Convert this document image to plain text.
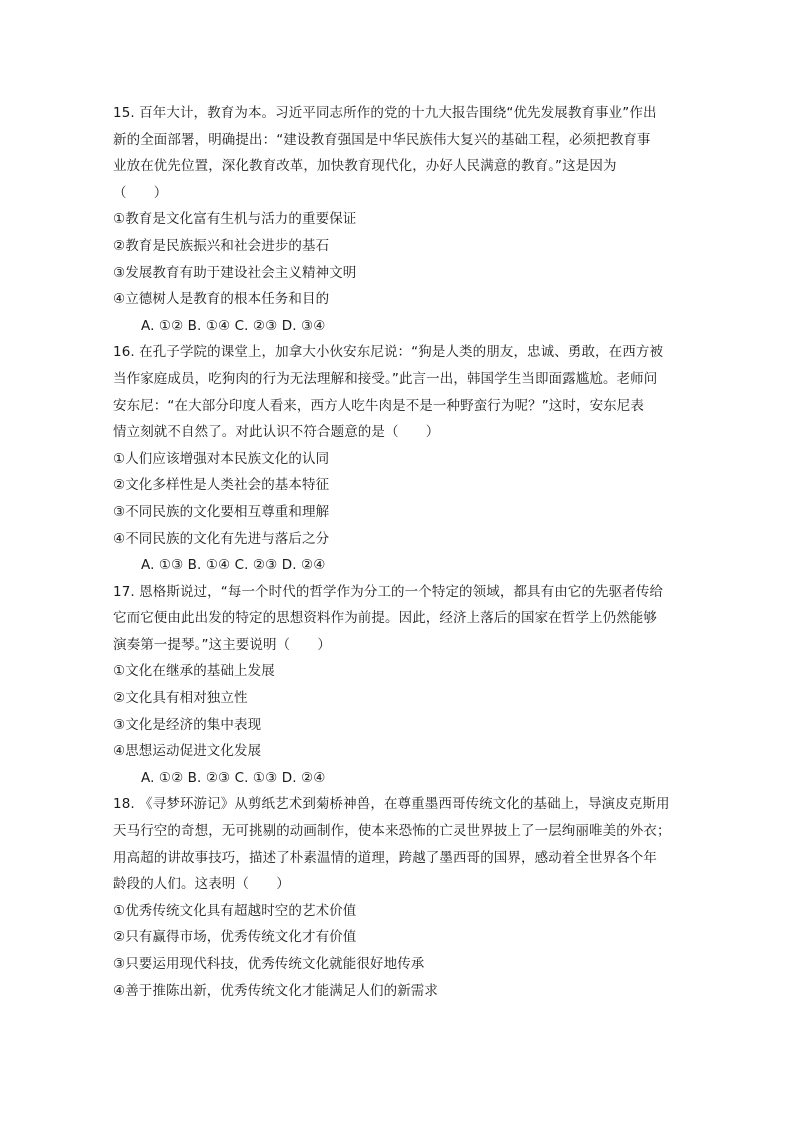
15. 百年大计，教育为本。习近平同志所作的党的十九大报告围绕“优先发展教育事业”作出
新的全面部署，明确提出：“建设教育强国是中华民族伟大复兴的基础工程，必须把教育事
业放在优先位置，深化教育改革，加快教育现代化，办好人民满意的教育。”这是因为
（　　）
①教育是文化富有生机与活力的重要保证
②教育是民族振兴和社会进步的基石
③发展教育有助于建设社会主义精神文明
④立德树人是教育的根本任务和目的
A. ①② B. ①④ C. ②③ D. ③④
16. 在孔子学院的课堂上，加拿大小伙安东尼说：“狗是人类的朋友，忠诚、勇敢，在西方被
当作家庭成员，吃狗肉的行为无法理解和接受。”此言一出，韩国学生当即面露尴尬。老师问
安东尼：“在大部分印度人看来，西方人吃牛肉是不是一种野蛮行为呢？”这时，安东尼表
情立刻就不自然了。对此认识不符合题意的是（　　）
①人们应该增强对本民族文化的认同
②文化多样性是人类社会的基本特征
③不同民族的文化要相互尊重和理解
④不同民族的文化有先进与落后之分
A. ①③ B. ①④ C. ②③ D. ②④
17. 恩格斯说过，“每一个时代的哲学作为分工的一个特定的领域，都具有由它的先驱者传给
它而它便由此出发的特定的思想资料作为前提。因此，经济上落后的国家在哲学上仍然能够
演奏第一提琴。”这主要说明（　　）
①文化在继承的基础上发展
②文化具有相对独立性
③文化是经济的集中表现
④思想运动促进文化发展
A. ①② B. ②③ C. ①③ D. ②④
18. 《寻梦环游记》从剪纸艺术到菊桥神兽，在尊重墨西哥传统文化的基础上，导演皮克斯用
天马行空的奇想，无可挑剔的动画制作，使本来恐怖的亡灵世界披上了一层绚丽唯美的外衣；
用高超的讲故事技巧，描述了朴素温情的道理，跨越了墨西哥的国界，感动着全世界各个年
龄段的人们。这表明（　　）
①优秀传统文化具有超越时空的艺术价值
②只有赢得市场，优秀传统文化才有价值
③只要运用现代科技，优秀传统文化就能很好地传承
④善于推陈出新，优秀传统文化才能满足人们的新需求
